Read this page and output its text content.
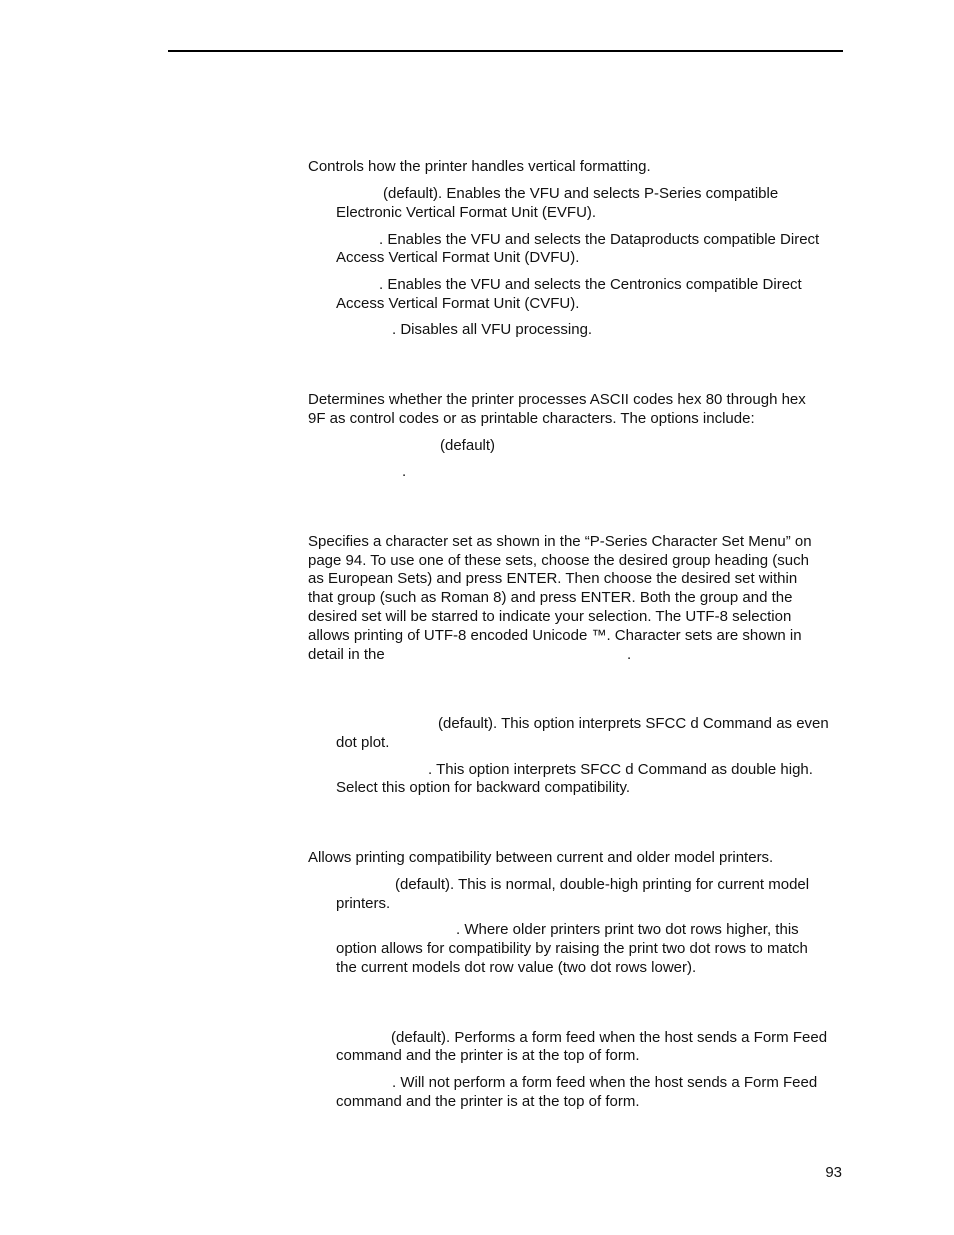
Controls how the printer handles vertical formatting.

(default). Enables the VFU and selects P-Series compatible

Electronic Vertical Format Unit (EVFU).

. Enables the VFU and selects the Dataproducts compatible Direct

Access Vertical Format Unit (DVFU).

. Enables the VFU and selects the Centronics compatible Direct

Access Vertical Format Unit (CVFU).

. Disables all VFU processing.

Determines whether the printer processes ASCII codes hex 80 through hex

9F as control codes or as printable characters. The options include:

(default)

.

Specifies a character set as shown in the “P-Series Character Set Menu” on

page 94. To use one of these sets, choose the desired group heading (such

as European Sets) and press ENTER. Then choose the desired set within

that group (such as Roman 8) and press ENTER. Both the group and the

desired set will be starred to indicate your selection. The UTF-8 selection

allows printing of UTF-8 encoded Unicode ™. Character sets are shown in

detail in the	.

(default). This option interprets SFCC d Command as even

dot plot.

. This option interprets SFCC d Command as double high.

Select this option for backward compatibility.

Allows printing compatibility between current and older model printers.

(default). This is normal, double-high printing for current model

printers.

. Where older printers print two dot rows higher, this

option allows for compatibility by raising the print two dot rows to match

the current models dot row value (two dot rows lower).

(default). Performs a form feed when the host sends a Form Feed

command and the printer is at the top of form.

. Will not perform a form feed when the host sends a Form Feed

command and the printer is at the top of form.

93
